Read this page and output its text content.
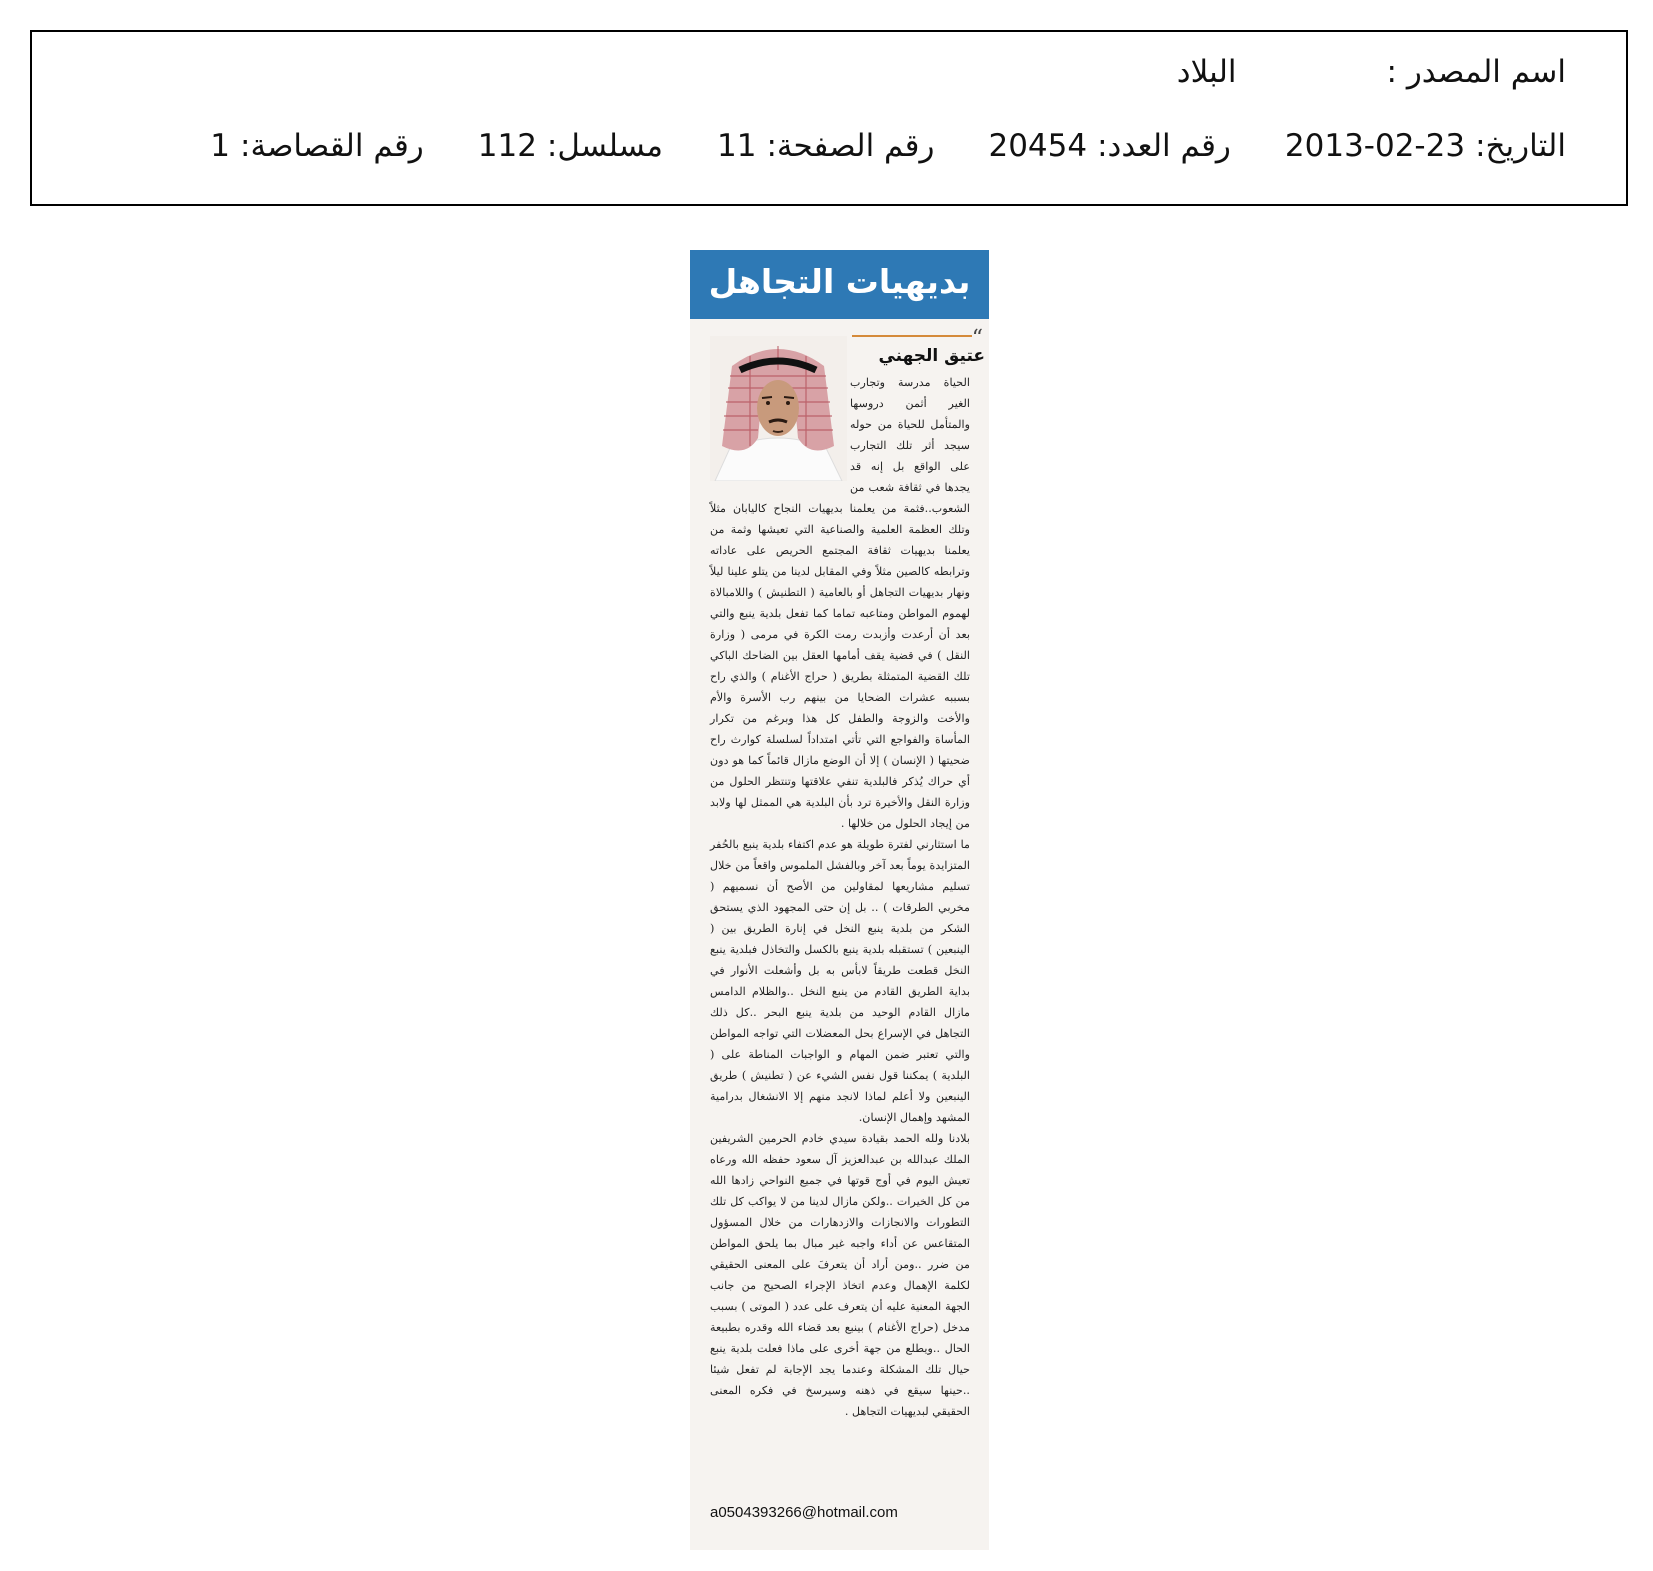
اسم المصدر :
البلاد
التاريخ:
2013-02-23
رقم العدد:
20454
رقم الصفحة:
11
مسلسل:
112
رقم القصاصة:
1
بديهيات التجاهل
“
عتيق الجهني

الحياة مدرسة وتجارب الغير أثمن دروسها والمتأمل للحياة من حوله سيجد أثر تلك التجارب على الواقع بل إنه قد يجدها في ثقافة شعب من الشعوب..فثمة من يعلمنا بديهيات النجاح كاليابان مثلاً وتلك العظمة العلمية والصناعية التي تعيشها وثمة من يعلمنا بديهيات ثقافة المجتمع الحريص على عاداته وترابطه كالصين مثلاً وفي المقابل لدينا من يتلو علينا ليلاً ونهار بديهيات التجاهل أو بالعامية ( التطنيش ) واللامبالاة لهموم المواطن ومتاعبه تماما كما تفعل بلدية ينبع والتي بعد أن أرعدت وأزبدت رمت الكرة في مرمى ( وزارة النقل ) في قضية يقف أمامها العقل بين الضاحك الباكي تلك القضية المتمثلة بطريق ( حراج الأغنام ) والذي راح بسببه عشرات الضحايا من بينهم رب الأسرة والأم والأخت والزوجة والطفل كل هذا وبرغم من تكرار المأساة والفواجع التي تأتي امتداداً لسلسلة كوارث راح ضحيتها ( الإنسان ) إلا أن الوضع مازال قائماً كما هو دون أي حراك يُذكر فالبلدية تنفي علاقتها وتنتظر الحلول من وزارة النقل والأخيرة ترد بأن البلدية هي الممثل لها ولابد من إيجاد الحلول من خلالها .

ما استثارني لفترة طويلة هو عدم اكتفاء بلدية ينبع بالحُفر المتزايدة يوماً بعد آخر وبالفشل الملموس واقعاً من خلال تسليم مشاريعها لمقاولين من الأصح أن نسميهم ( مخربي الطرقات ) .. بل إن حتى المجهود الذي يستحق الشكر من بلدية ينبع النخل في إنارة الطريق بين ( الينبعين ) تستقبله بلدية ينبع بالكسل والتخاذل فبلدية ينبع النخل قطعت طريقاً لابأس به بل وأشعلت الأنوار في بداية الطريق القادم من ينبع النخل ..والظلام الدامس مازال القادم الوحيد من بلدية ينبع البحر ..كل ذلك التجاهل في الإسراع بحل المعضلات التي تواجه المواطن والتي تعتبر ضمن المهام و الواجبات المناطة على ( البلدية ) يمكننا قول نفس الشيء عن ( تطنيش ) طريق الينبعين ولا أعلم لماذا لانجد منهم إلا الانشغال بدرامية المشهد وإهمال الإنسان.

بلادنا ولله الحمد بقيادة سيدي خادم الحرمين الشريفين الملك عبدالله بن عبدالعزيز آل سعود حفظه الله ورعاه تعيش اليوم في أوج قوتها في جميع النواحي زادها الله من كل الخيرات ..ولكن مازال لدينا من لا يواكب كل تلك التطورات والانجازات والازدهارات من خلال المسؤول المتقاعس عن أداء واجبه غير مبال بما يلحق المواطن من ضرر ..ومن أراد أن يتعرفَ على المعنى الحقيقي لكلمة الإهمال وعدم اتخاذ الإجراء الصحيح من جانب الجهة المعنية عليه أن يتعرف على عدد ( الموتى ) بسبب مدخل (حراج الأغنام ) بينبع بعد قضاء الله وقدره بطبيعة الحال ..ويطلع من جهة أخرى على ماذا فعلت بلدية ينبع حيال تلك المشكلة وعندما يجد الإجابة لم تفعل شيئا ..حينها سيقع في ذهنه وسيرسخ في فكره المعنى الحقيقي لبديهيات التجاهل .

a0504393266@hotmail.com
